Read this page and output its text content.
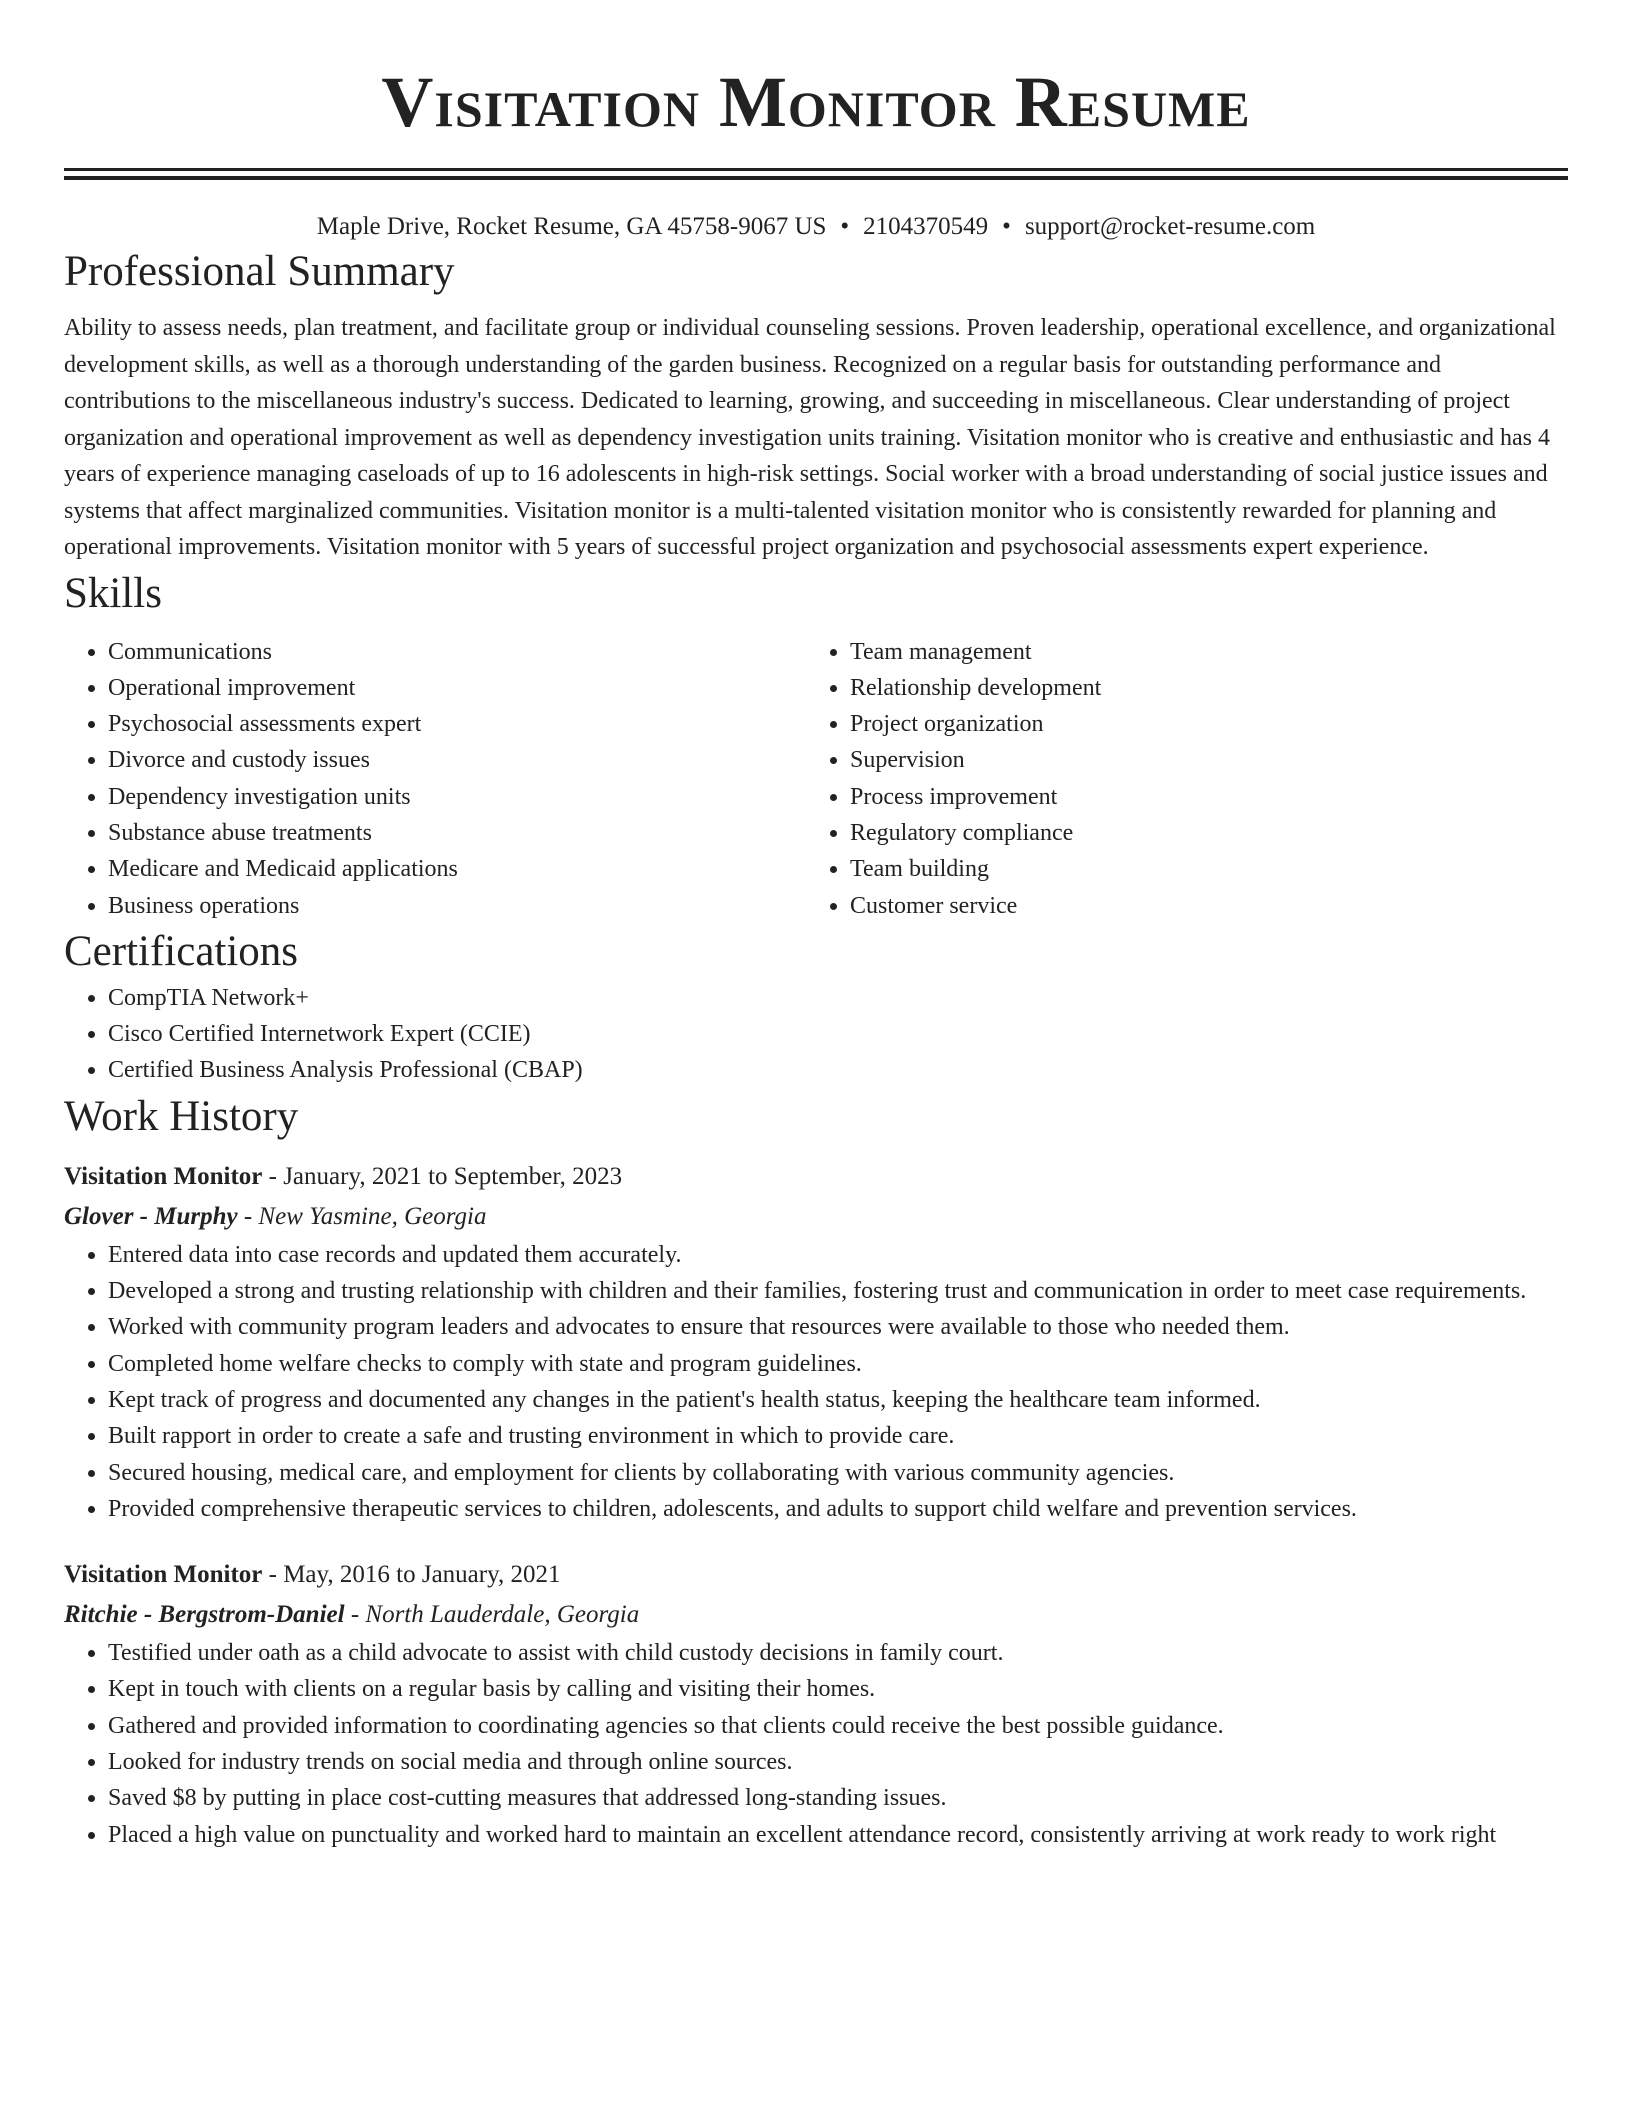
Visitation Monitor Resume
Maple Drive, Rocket Resume, GA 45758-9067 US • 2104370549 • support@rocket-resume.com
Professional Summary

Ability to assess needs, plan treatment, and facilitate group or individual counseling sessions. Proven leadership, operational excellence, and organizational development skills, as well as a thorough understanding of the garden business. Recognized on a regular basis for outstanding performance and contributions to the miscellaneous industry's success. Dedicated to learning, growing, and succeeding in miscellaneous. Clear understanding of project organization and operational improvement as well as dependency investigation units training. Visitation monitor who is creative and enthusiastic and has 4 years of experience managing caseloads of up to 16 adolescents in high-risk settings. Social worker with a broad understanding of social justice issues and systems that affect marginalized communities. Visitation monitor is a multi-talented visitation monitor who is consistently rewarded for planning and operational improvements. Visitation monitor with 5 years of successful project organization and psychosocial assessments expert experience.

Skills
• Communications
• Operational improvement
• Psychosocial assessments expert
• Divorce and custody issues
• Dependency investigation units
• Substance abuse treatments
• Medicare and Medicaid applications
• Business operations
• Team management
• Relationship development
• Project organization
• Supervision
• Process improvement
• Regulatory compliance
• Team building
• Customer service
Certifications
• CompTIA Network+
• Cisco Certified Internetwork Expert (CCIE)
• Certified Business Analysis Professional (CBAP)
Work History
Visitation Monitor - January, 2021 to September, 2023
Glover - Murphy - New Yasmine, Georgia
• Entered data into case records and updated them accurately.
• Developed a strong and trusting relationship with children and their families, fostering trust and communication in order to meet case requirements.
• Worked with community program leaders and advocates to ensure that resources were available to those who needed them.
• Completed home welfare checks to comply with state and program guidelines.
• Kept track of progress and documented any changes in the patient's health status, keeping the healthcare team informed.
• Built rapport in order to create a safe and trusting environment in which to provide care.
• Secured housing, medical care, and employment for clients by collaborating with various community agencies.
• Provided comprehensive therapeutic services to children, adolescents, and adults to support child welfare and prevention services.
Visitation Monitor - May, 2016 to January, 2021
Ritchie - Bergstrom-Daniel - North Lauderdale, Georgia
• Testified under oath as a child advocate to assist with child custody decisions in family court.
• Kept in touch with clients on a regular basis by calling and visiting their homes.
• Gathered and provided information to coordinating agencies so that clients could receive the best possible guidance.
• Looked for industry trends on social media and through online sources.
• Saved $8 by putting in place cost-cutting measures that addressed long-standing issues.
• Placed a high value on punctuality and worked hard to maintain an excellent attendance record, consistently arriving at work ready to work right
